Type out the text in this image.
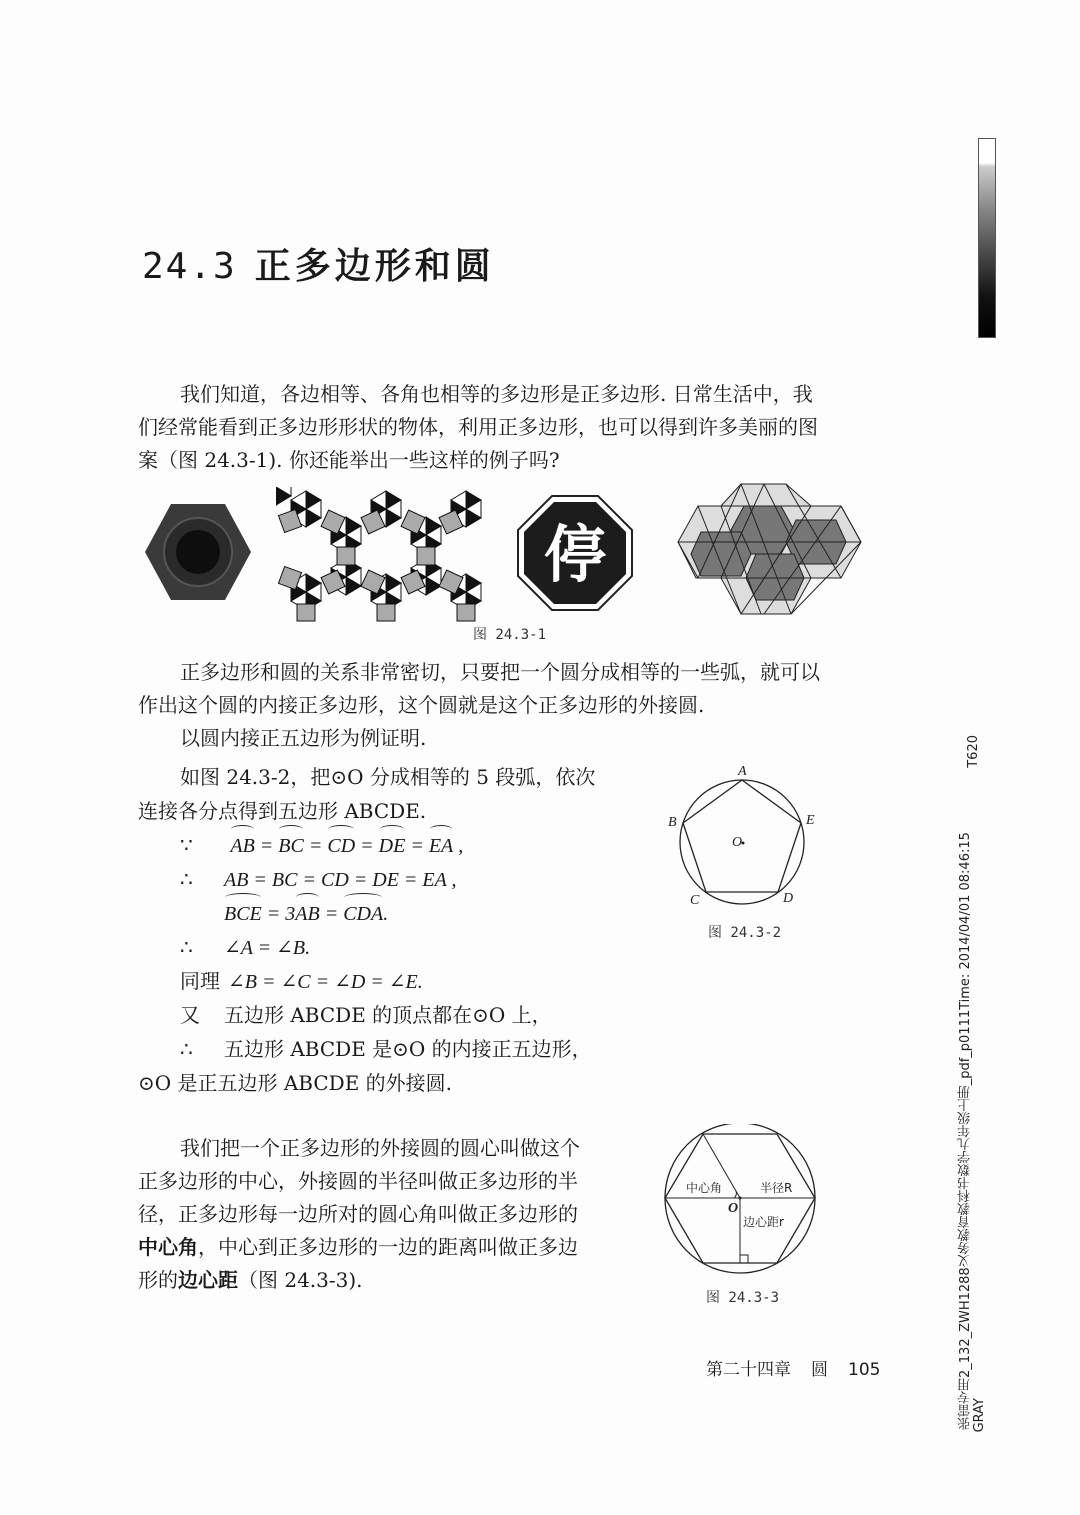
24.3 正多边形和圆
我们知道，各边相等、各角也相等的多边形是正多边形. 日常生活中，我
们经常能看到正多边形形状的物体，利用正多边形，也可以得到许多美丽的图
案（图 24.3-1). 你还能举出一些这样的例子吗?
停
图 24.3-1
正多边形和圆的关系非常密切，只要把一个圆分成相等的一些弧，就可以
作出这个圆的内接正多边形，这个圆就是这个正多边形的外接圆.
以圆内接正五边形为例证明.
如图 24.3-2，把⊙O 分成相等的 5 段弧，依次
连接各分点得到五边形 ABCDE.
∵ AB = BC = CD = DE = EA ,
∴ AB = BC = CD = DE = EA ,
BCE = 3AB = CDA.
∴ ∠A = ∠B.
同理 ∠B = ∠C = ∠D = ∠E.
又 五边形 ABCDE 的顶点都在⊙O 上，
∴ 五边形 ABCDE 是⊙O 的内接正五边形，
⊙O 是正五边形 ABCDE 的外接圆.
A
B	E
C	D
O
图 24.3-2
我们把一个正多边形的外接圆的圆心叫做这个
正多边形的中心，外接圆的半径叫做正多边形的半
径，正多边形每一边所对的圆心角叫做正多边形的
中心角，中心到正多边形的一边的距离叫做正多边
形的边心距（图 24.3-3).
中心角	半径R
边心距r
O
图 24.3-3
第二十四章 圆 105	张雷专用2_132_ZWH1288义务教育教科书数学九年级上册_pdf_p0111Time: 2014/04/01 08:46:15 GRAY
T620
